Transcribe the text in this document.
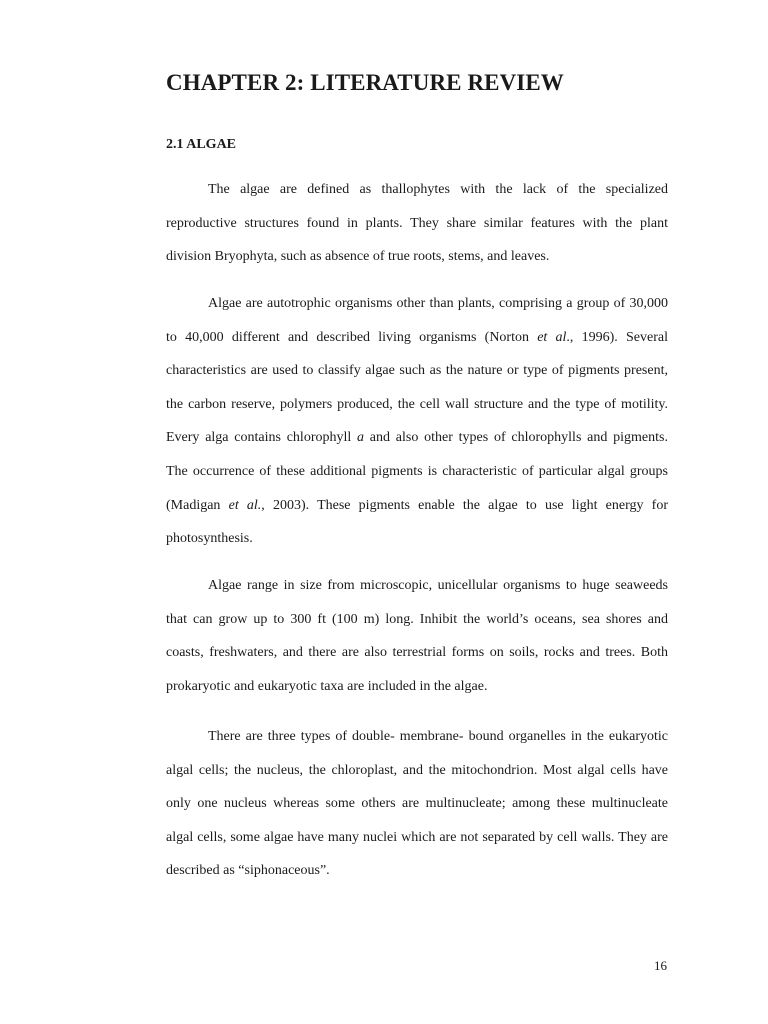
CHAPTER 2: LITERATURE REVIEW
2.1 ALGAE
The algae are defined as thallophytes with the lack of the specialized
reproductive structures found in plants. They share similar features with the plant
division Bryophyta, such as absence of true roots, stems, and leaves.
Algae are autotrophic organisms other than plants, comprising a group of 30,000
to 40,000 different and described living organisms (Norton et al., 1996). Several
characteristics are used to classify algae such as the nature or type of pigments present,
the carbon reserve, polymers produced, the cell wall structure and the type of motility.
Every alga contains chlorophyll a and also other types of chlorophylls and pigments.
The occurrence of these additional pigments is characteristic of particular algal groups
(Madigan et al., 2003). These pigments enable the algae to use light energy for
photosynthesis.
Algae range in size from microscopic, unicellular organisms to huge seaweeds
that can grow up to 300 ft (100 m) long. Inhibit the world’s oceans, sea shores and
coasts, freshwaters, and there are also terrestrial forms on soils, rocks and trees. Both
prokaryotic and eukaryotic taxa are included in the algae.
There are three types of double- membrane- bound organelles in the eukaryotic
algal cells; the nucleus, the chloroplast, and the mitochondrion. Most algal cells have
only one nucleus whereas some others are multinucleate; among these multinucleate
algal cells, some algae have many nuclei which are not separated by cell walls. They are
described as “siphonaceous”.
16
